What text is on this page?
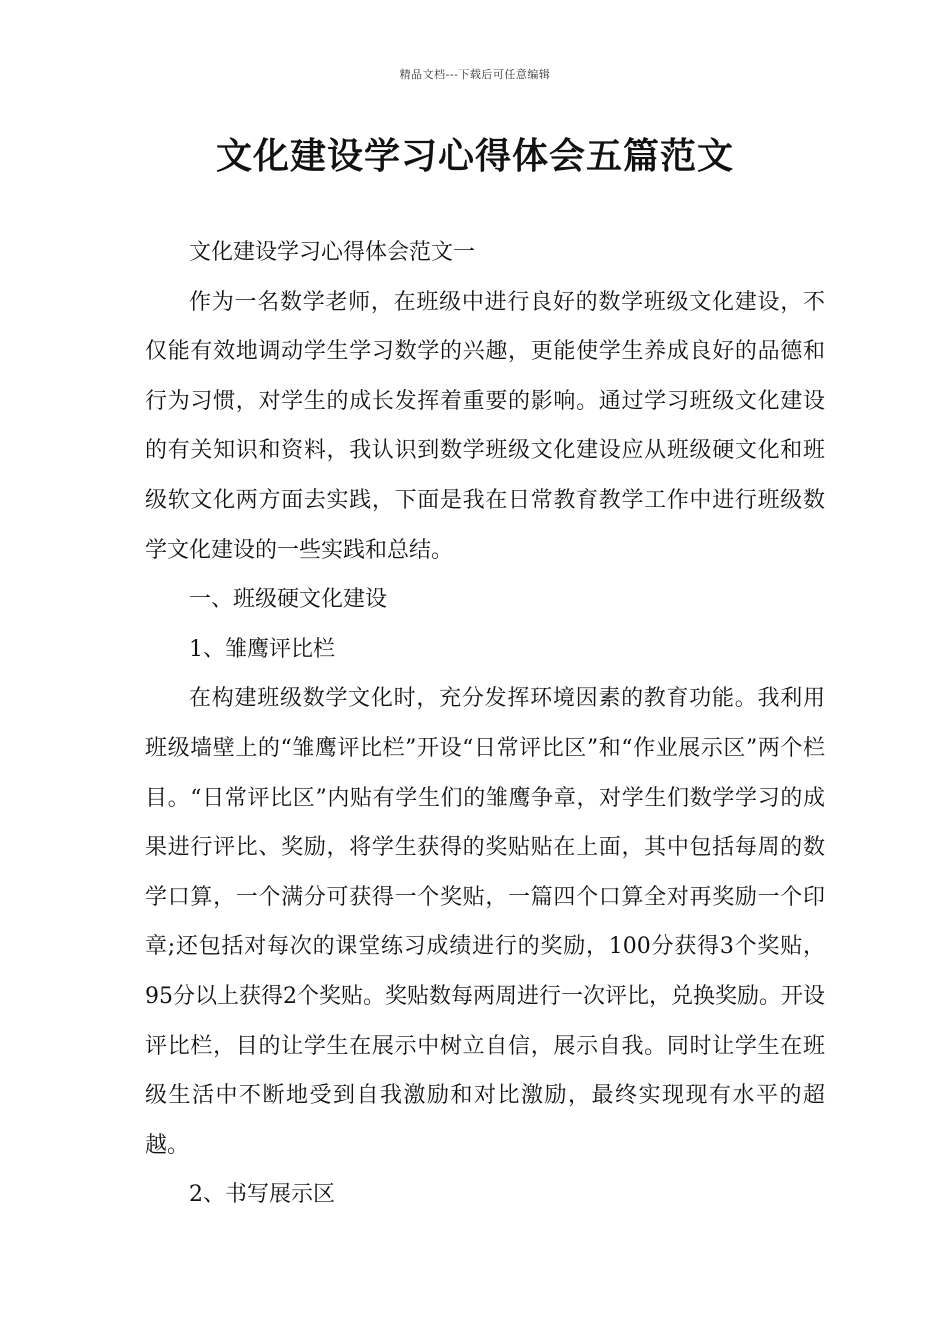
精品文档---下载后可任意编辑
文化建设学习心得体会五篇范文

文化建设学习心得体会范文一

作为一名数学老师，在班级中进行良好的数学班级文化建设，不仅能有效地调动学生学习数学的兴趣，更能使学生养成良好的品德和行为习惯，对学生的成长发挥着重要的影响。通过学习班级文化建设的有关知识和资料，我认识到数学班级文化建设应从班级硬文化和班级软文化两方面去实践，下面是我在日常教育教学工作中进行班级数学文化建设的一些实践和总结。

一、班级硬文化建设

1、雏鹰评比栏

在构建班级数学文化时，充分发挥环境因素的教育功能。我利用班级墙壁上的“雏鹰评比栏”开设“日常评比区”和“作业展示区”两个栏目。“日常评比区”内贴有学生们的雏鹰争章，对学生们数学学习的成果进行评比、奖励，将学生获得的奖贴贴在上面，其中包括每周的数学口算，一个满分可获得一个奖贴，一篇四个口算全对再奖励一个印章;还包括对每次的课堂练习成绩进行的奖励，100分获得3个奖贴，95分以上获得2个奖贴。奖贴数每两周进行一次评比，兑换奖励。开设评比栏，目的让学生在展示中树立自信，展示自我。同时让学生在班级生活中不断地受到自我激励和对比激励，最终实现现有水平的超越。

2、书写展示区
